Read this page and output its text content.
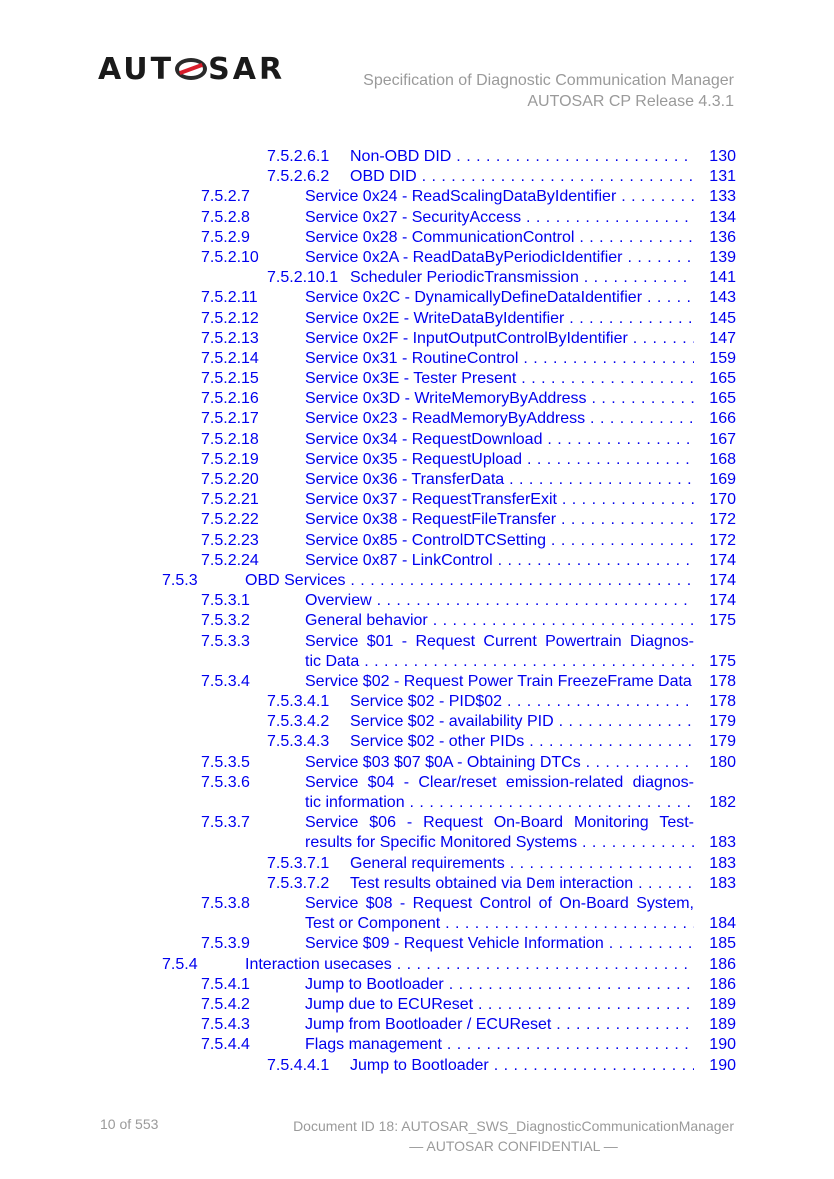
AUT SAR	Specification of Diagnostic Communication Manager
AUTOSAR CP Release 4.3.1
7.5.2.6.1 Non-OBD DID . . .	130
7.5.2.6.2 OBD DID . . .	131
7.5.2.7	Service 0x24 - ReadScalingDataByIdentifier . . .	133
7.5.2.8	Service 0x27 - SecurityAccess . . .	134
7.5.2.9	Service 0x28 - CommunicationControl . . .	136
7.5.2.10	Service 0x2A - ReadDataByPeriodicIdentifier . . .	139
7.5.2.10.1 Scheduler PeriodicTransmission . . .	141
7.5.2.11	Service 0x2C - DynamicallyDefineDataIdentifier . . .	143
7.5.2.12	Service 0x2E - WriteDataByIdentifier . . .	145
7.5.2.13	Service 0x2F - InputOutputControlByIdentifier . . .	147
7.5.2.14	Service 0x31 - RoutineControl . . .	159
7.5.2.15	Service 0x3E - Tester Present . . .	165
7.5.2.16	Service 0x3D - WriteMemoryByAddress . . .	165
7.5.2.17	Service 0x23 - ReadMemoryByAddress . . .	166
7.5.2.18	Service 0x34 - RequestDownload . . .	167
7.5.2.19	Service 0x35 - RequestUpload . . .	168
7.5.2.20	Service 0x36 - TransferData . . .	169
7.5.2.21	Service 0x37 - RequestTransferExit . . .	170
7.5.2.22	Service 0x38 - RequestFileTransfer . . .	172
7.5.2.23	Service 0x85 - ControlDTCSetting . . .	172
7.5.2.24	Service 0x87 - LinkControl . . .	174
7.5.3	OBD Services . . .	174
7.5.3.1	Overview . . .	174
7.5.3.2	General behavior . . .	175
7.5.3.3	Service $01 - Request Current Powertrain Diagnos-
tic Data . . .	175
7.5.3.4	Service $02 - Request Power Train FreezeFrame Data	178
7.5.3.4.1 Service $02 - PID$02 . . .	178
7.5.3.4.2 Service $02 - availability PID . . .	179
7.5.3.4.3 Service $02 - other PIDs . . .	179
7.5.3.5	Service $03 $07 $0A - Obtaining DTCs . . .	180
7.5.3.6	Service $04 - Clear/reset emission-related diagnos-
tic information . . .	182
7.5.3.7	Service $06 - Request On-Board Monitoring Test-
results for Specific Monitored Systems . . .	183
7.5.3.7.1 General requirements . . .	183
7.5.3.7.2 Test results obtained via Dem interaction . . .	183
7.5.3.8	Service $08 - Request Control of On-Board System,
Test or Component . . .	184
7.5.3.9	Service $09 - Request Vehicle Information . . .	185
7.5.4	Interaction usecases . . .	186
7.5.4.1	Jump to Bootloader . . .	186
7.5.4.2	Jump due to ECUReset . . .	189
7.5.4.3	Jump from Bootloader / ECUReset . . .	189
7.5.4.4	Flags management . . .	190
7.5.4.4.1 Jump to Bootloader . . .	190
10 of 553	Document ID 18: AUTOSAR_SWS_DiagnosticCommunicationManager
— AUTOSAR CONFIDENTIAL —
